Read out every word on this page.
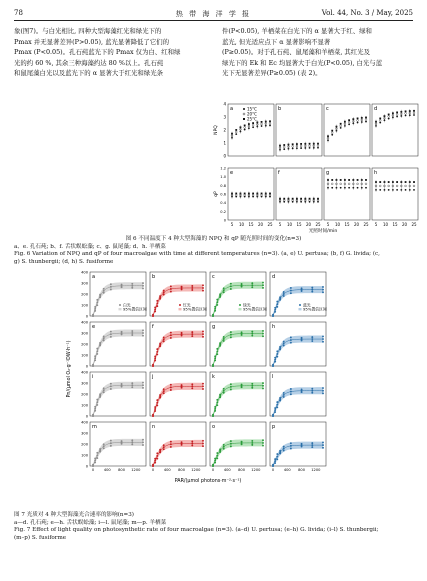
78	热 带 海 洋 学 报	Vol. 44, No. 3 / May, 2025
象(图7)。与白光相比, 四种大型海藻红光和绿光下的
Pmax 并无显著差异(P>0.05), 蓝光显著降低了它们的
Pmax (P<0.05)。孔石莼蓝光下的 Pmax 仅为白、红和绿
光的约 60 %, 其余三种海藻约达 80 %以上。孔石莼
和鼠尾藻白光以及蓝光下的 α 显著大于红光和绿光条
件(P<0.05), 羊栖菜在白光下的 α 显著大于红、绿和
蓝光, 但光适应点下 α 显著影响不显著
(P≥0.05)。对于孔石莼、鼠尾藻和羊栖菜, 其红光及
绿光下的 Ek 和 Ec 均显著大于白光(P<0.05), 白光与蓝
光下无显著差异(P≥0.05) (表 2)。
a
e
5 10 15 20 25
b
f
5 10 15 20 25
c
g
5 10 15 20 25
d
h
5 10 15 20 25
0
1
2
3
4
0
0.2
0.4
0.6
0.8
1.0
1.2
NPQ
qP
15°C
20°C
25°C
光照时间/min
图 6 不同温度下 4 种大型海藻的 NPQ 和 qP 随光照时间的变化(n=3)
a、e. 孔石莼; b、f. 舌状蜈蚣藻; c、g. 鼠尾藻; d、h. 羊栖菜
Fig. 6 Variation of NPQ and qP of four macroalgae with time at different temperatures (n=3). (a, e) U. pertusa; (b, f) G. livida; (c,
g) S. thunbergii; (d, h) S. fusiforme
a
0
100
200
300
400
白光
95%置信区间
b
红光
95%置信区间
c
绿光
95%置信区间
d
蓝光
95%置信区间
e
0
100
200
300
400
f	g	h
i
0
100
200
300
400
j	k	l
m
0
100
200
300
400
0	400 800 1200
n
0	400 800 1200
o
0	400 800 1200
p
0	400 800 1200
Pn/(µmol O₂·g⁻¹DW·h⁻¹)
PAR/(µmol photons·m⁻²·s⁻¹)
图 7 光质对 4 种大型海藻光合速率的影响(n=3)
a—d. 孔石莼; e—h. 舌状蜈蚣藻; i—l. 鼠尾藻; m—p. 羊栖菜
Fig. 7 Effect of light quality on photosynthetic rate of four macroalgae (n=3). (a–d) U. pertusa; (e–h) G. livida; (i–l) S. thunbergii;
(m–p) S. fusiforme
